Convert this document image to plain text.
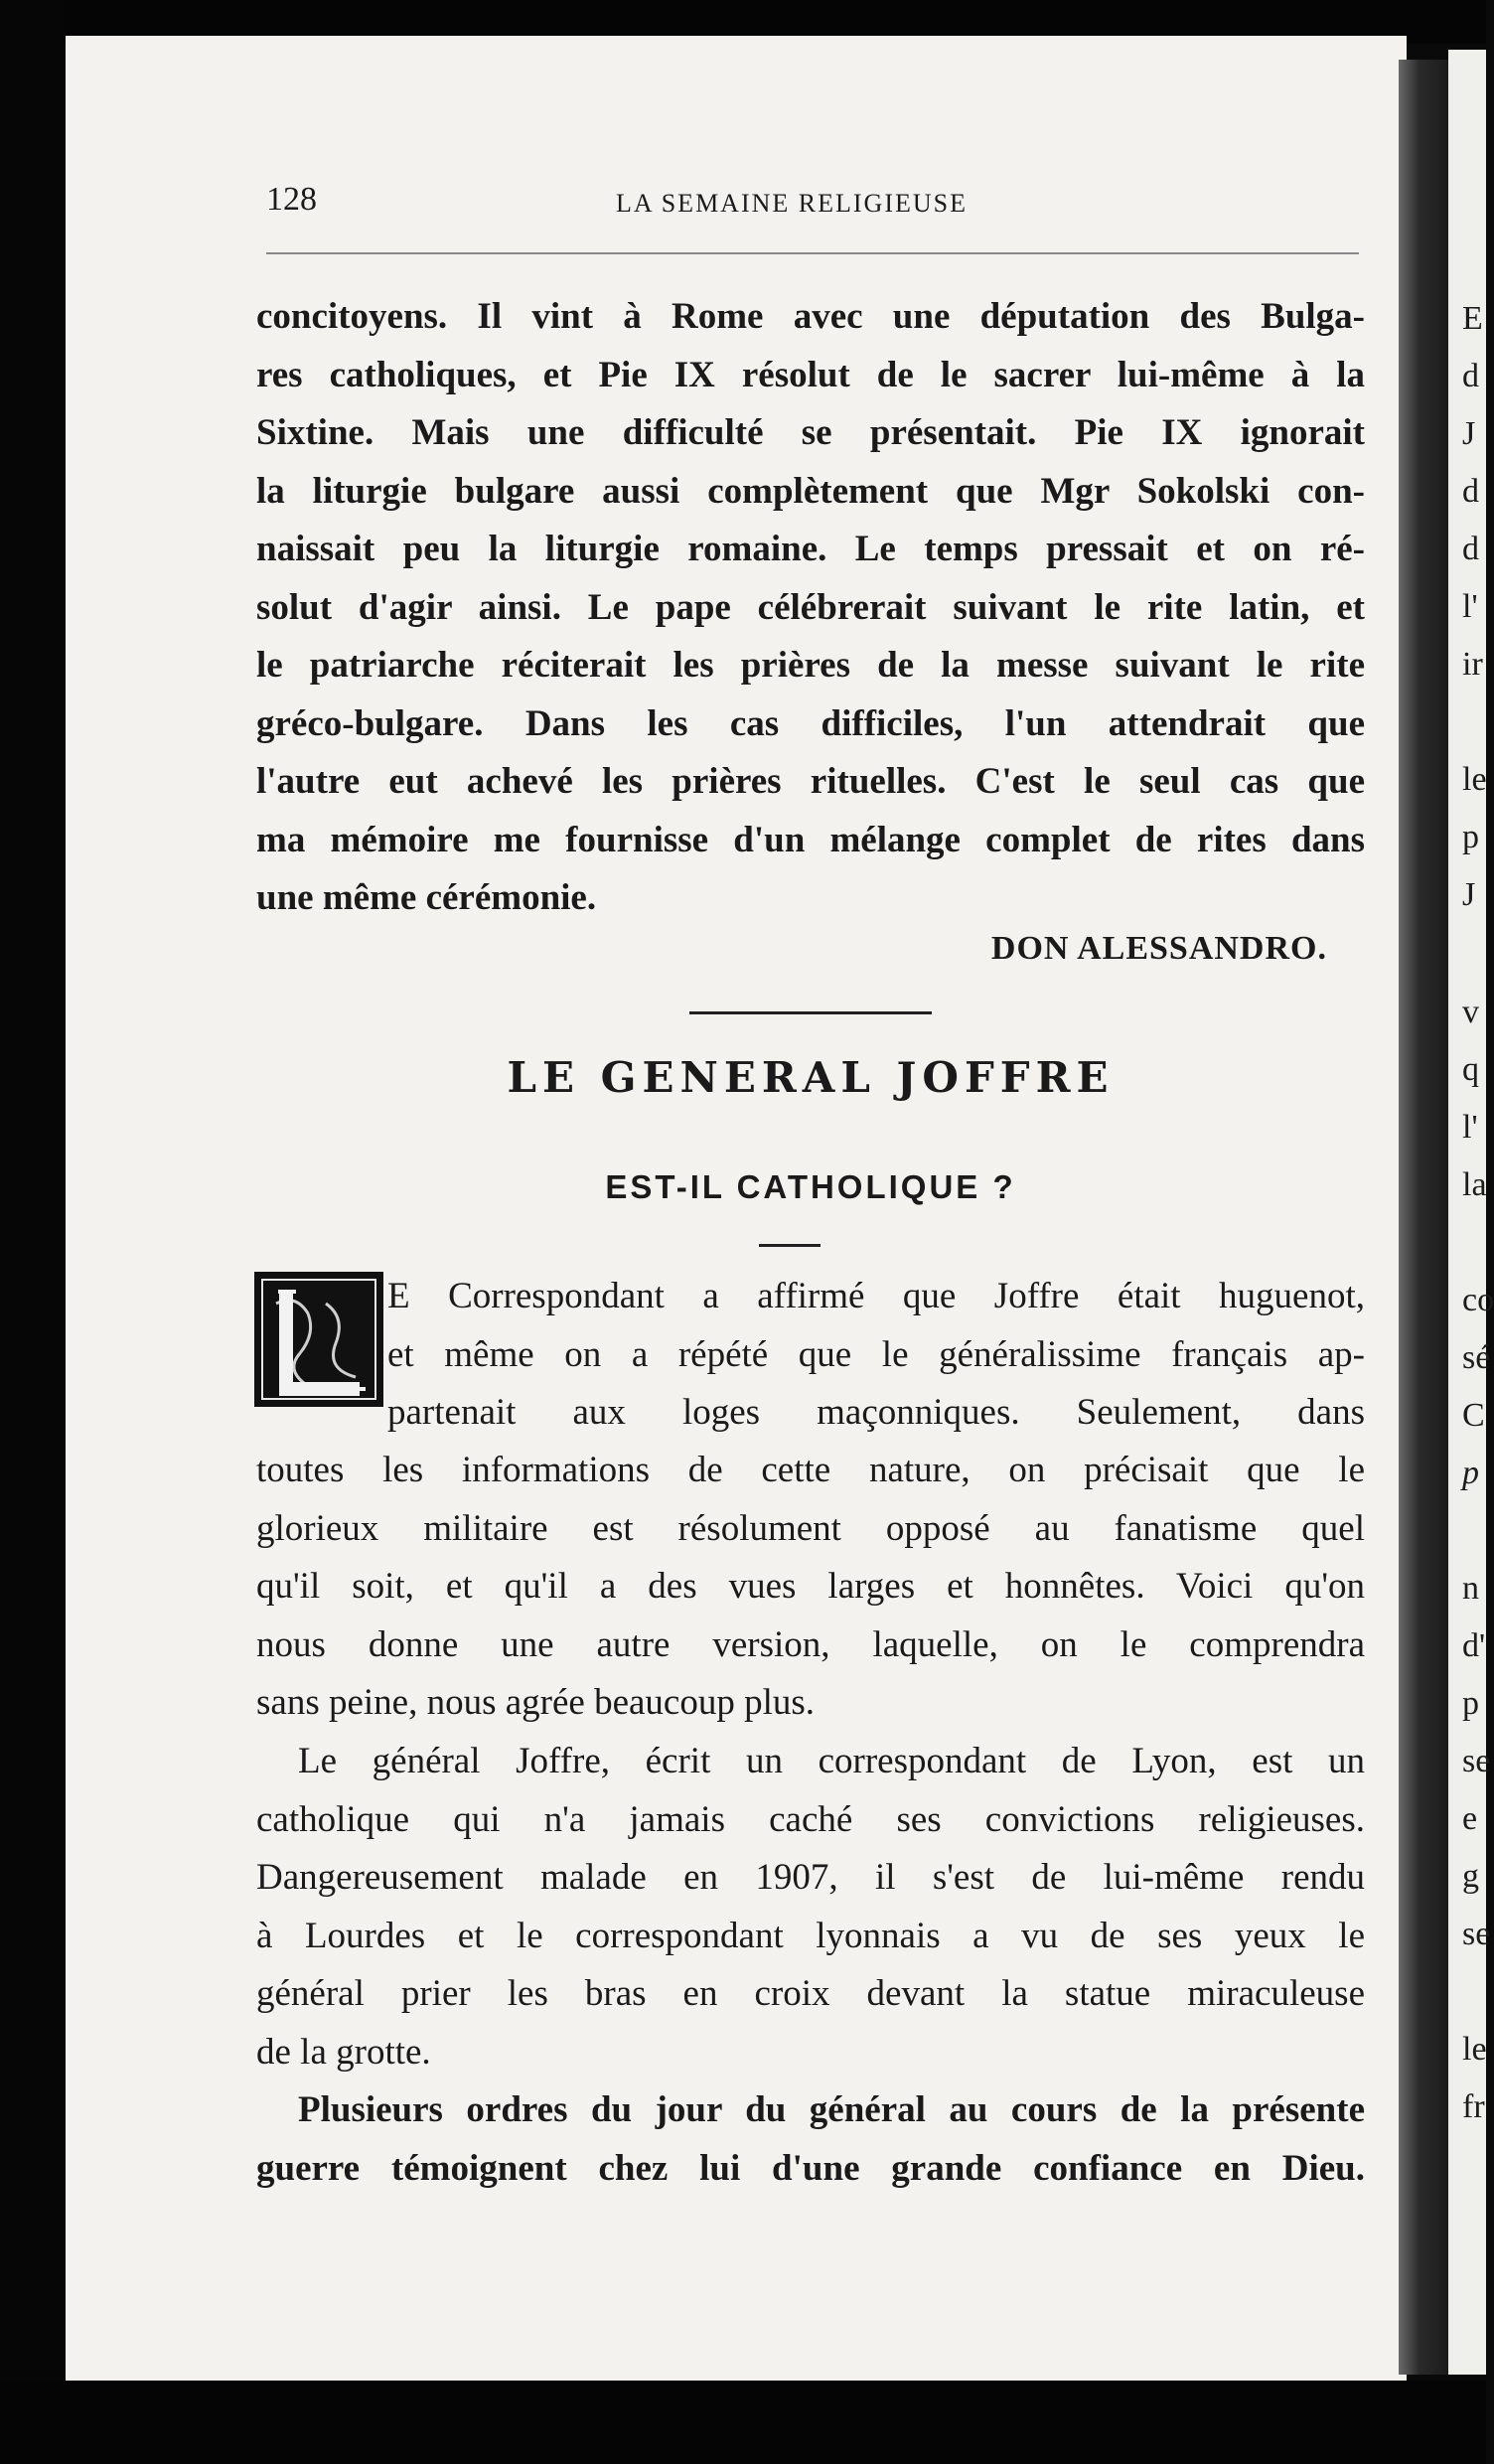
E
d
J
d
d
l'
ir
le
p
J
v
q
l'
la
co
sé
C
p
n
d'
p
se
e
g
se
le
fr
128	LA SEMAINE RELIGIEUSE
concitoyens. Il vint à Rome avec une députation des Bulga-
res catholiques, et Pie IX résolut de le sacrer lui-même à la
Sixtine. Mais une difficulté se présentait. Pie IX ignorait
la liturgie bulgare aussi complètement que Mgr Sokolski con-
naissait peu la liturgie romaine. Le temps pressait et on ré-
solut d'agir ainsi. Le pape célébrerait suivant le rite latin, et
le patriarche réciterait les prières de la messe suivant le rite
gréco-bulgare. Dans les cas difficiles, l'un attendrait que
l'autre eut achevé les prières rituelles. C'est le seul cas que
ma mémoire me fournisse d'un mélange complet de rites dans
une même cérémonie.
DON ALESSANDRO.
LE GENERAL JOFFRE
EST-IL CATHOLIQUE ?
E Correspondant a affirmé que Joffre était huguenot,
et même on a répété que le généralissime français ap-
partenait aux loges maçonniques. Seulement, dans
toutes les informations de cette nature, on précisait que le
glorieux militaire est résolument opposé au fanatisme quel
qu'il soit, et qu'il a des vues larges et honnêtes. Voici qu'on
nous donne une autre version, laquelle, on le comprendra
sans peine, nous agrée beaucoup plus.
Le général Joffre, écrit un correspondant de Lyon, est un
catholique qui n'a jamais caché ses convictions religieuses.
Dangereusement malade en 1907, il s'est de lui-même rendu
à Lourdes et le correspondant lyonnais a vu de ses yeux le
général prier les bras en croix devant la statue miraculeuse
de la grotte.
Plusieurs ordres du jour du général au cours de la présente
guerre témoignent chez lui d'une grande confiance en Dieu.
